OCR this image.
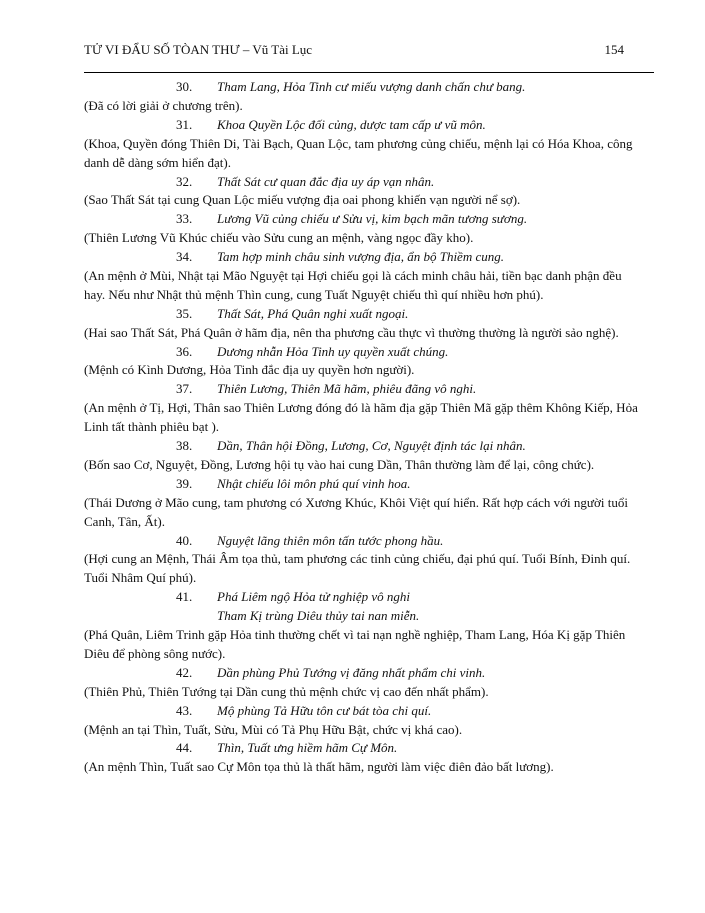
TỬ VI ĐẨU SỐ TÒAN THƯ – Vũ Tài Lục	154
30. Tham Lang, Hỏa Tinh cư miếu vượng danh chấn chư bang.
(Đã có lời giải ở chương trên).
31. Khoa Quyền Lộc đối củng, dược tam cấp ư vũ môn.
(Khoa, Quyền đóng Thiên Di, Tài Bạch, Quan Lộc, tam phương củng chiếu, mệnh lại có Hóa Khoa, công danh dễ dàng sớm hiển đạt).
32. Thất Sát cư quan đắc địa uy áp vạn nhân.
(Sao Thất Sát tại cung Quan Lộc miếu vượng địa oai phong khiến vạn người nể sợ).
33. Lương Vũ củng chiếu ư Sửu vị, kim bạch mãn tương sương.
(Thiên Lương Vũ Khúc chiếu vào Sửu cung an mệnh, vàng ngọc đầy kho).
34. Tam hợp minh châu sinh vượng địa, ẩn bộ Thiềm cung.
(An mệnh ở Mùi, Nhật tại Mão Nguyệt tại Hợi chiếu gọi là cách minh châu hải, tiền bạc danh phận đều hay. Nếu như Nhật thủ mệnh Thìn cung, cung Tuất Nguyệt chiếu thì quí nhiều hơn phú).
35. Thất Sát, Phá Quân nghi xuất ngoại.
(Hai sao Thất Sát, Phá Quân ở hãm địa, nên tha phương cầu thực vì thường thường là người sảo nghệ).
36. Dương nhẫn Hỏa Tinh uy quyền xuất chúng.
(Mệnh có Kình Dương, Hỏa Tinh đắc địa uy quyền hơn người).
37. Thiên Lương, Thiên Mã hãm, phiêu đãng vô nghi.
(An mệnh ở Tị, Hợi, Thân sao Thiên Lương đóng đó là hãm địa gặp Thiên Mã gặp thêm Không Kiếp, Hỏa Linh tất thành phiêu bạt ).
38. Dần, Thân hội Đồng, Lương, Cơ, Nguyệt định tác lại nhân.
(Bốn sao Cơ, Nguyệt, Đồng, Lương hội tụ vào hai cung Dần, Thân thường làm để lại, công chức).
39. Nhật chiếu lôi môn phú quí vinh hoa.
(Thái Dương ở Mão cung, tam phương có Xương Khúc, Khôi Việt quí hiển. Rất hợp cách với người tuổi Canh, Tân, Ất).
40. Nguyệt lãng thiên môn tấn tước phong hầu.
(Hợi cung an Mệnh, Thái Âm tọa thủ, tam phương các tinh củng chiếu, đại phú quí. Tuổi Bính, Đinh quí. Tuổi Nhâm Quí phú).
41. Phá Liêm ngộ Hỏa tử nghiệp vô nghi
Tham Kị trùng Diêu thủy tai nan miễn.
(Phá Quân, Liêm Trinh gặp Hỏa tinh thường chết vì tai nạn nghề nghiệp, Tham Lang, Hóa Kị gặp Thiên Diêu để phòng sông nước).
42. Dần phùng Phủ Tướng vị đăng nhất phẩm chi vinh.
(Thiên Phủ, Thiên Tướng tại Dần cung thủ mệnh chức vị cao đến nhất phẩm).
43. Mộ phùng Tả Hữu tôn cư bát tòa chi quí.
(Mệnh an tại Thìn, Tuất, Sửu, Mùi có Tả Phụ Hữu Bật, chức vị khá cao).
44. Thìn, Tuất ưng hiềm hãm Cự Môn.
(An mệnh Thìn, Tuất sao Cự Môn tọa thủ là thất hãm, người làm việc điên đảo bất lương).
